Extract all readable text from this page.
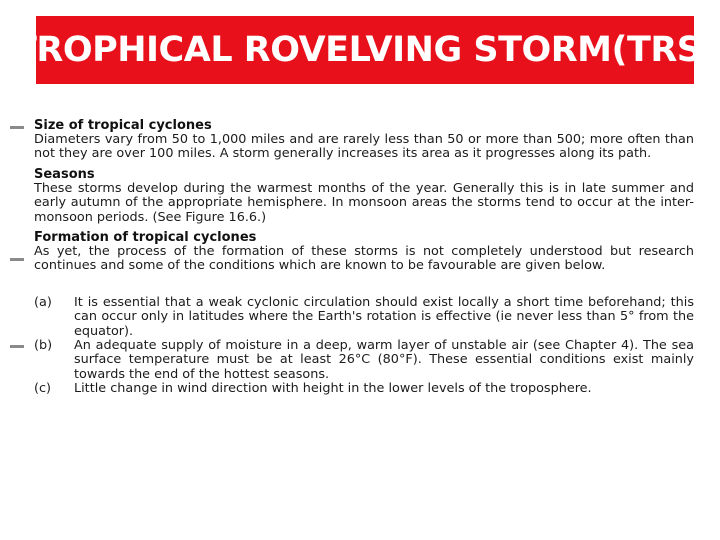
TROPHICAL ROVELVING STORM(TRS)
Size of tropical cyclones

Diameters vary from 50 to 1,000 miles and are rarely less than 50 or more than 500; more often than not they are over 100 miles. A storm generally increases its area as it progresses along its path.

Seasons

These storms develop during the warmest months of the year. Generally this is in late summer and early autumn of the appropriate hemisphere. In monsoon areas the storms tend to occur at the inter-monsoon periods. (See Figure 16.6.)

Formation of tropical cyclones

As yet, the process of the formation of these storms is not completely understood but research continues and some of the conditions which are known to be favourable are given below.

(a)	It is essential that a weak cyclonic circulation should exist locally a short time beforehand; this can occur only in latitudes where the Earth's rotation is effective (ie never less than 5° from the equator).

(b)	An adequate supply of moisture in a deep, warm layer of unstable air (see Chapter 4). The sea surface temperature must be at least 26°C (80°F). These essential conditions exist mainly towards the end of the hottest seasons.

(c)	Little change in wind direction with height in the lower levels of the troposphere.
